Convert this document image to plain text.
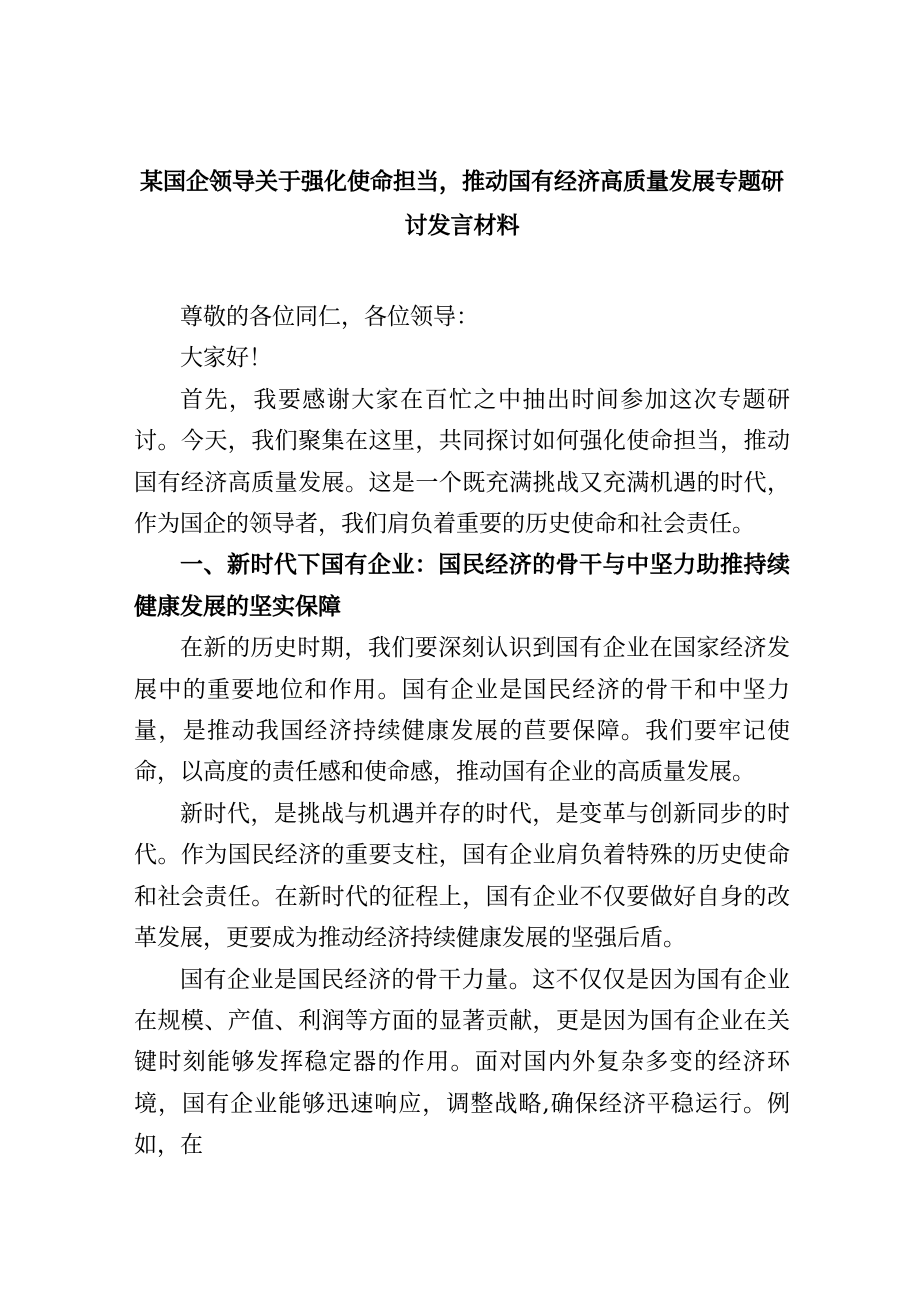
某国企领导关于强化使命担当，推动国有经济高质量发展专题研讨发言材料

尊敬的各位同仁，各位领导：

大家好！

首先，我要感谢大家在百忙之中抽出时间参加这次专题研讨。今天，我们聚集在这里，共同探讨如何强化使命担当，推动国有经济高质量发展。这是一个既充满挑战又充满机遇的时代，作为国企的领导者，我们肩负着重要的历史使命和社会责任。

一、新时代下国有企业：国民经济的骨干与中坚力助推持续健康发展的坚实保障

在新的历史时期，我们要深刻认识到国有企业在国家经济发展中的重要地位和作用。国有企业是国民经济的骨干和中坚力量，是推动我国经济持续健康发展的苣要保障。我们要牢记使命，以高度的责任感和使命感，推动国有企业的高质量发展。

新时代，是挑战与机遇并存的时代，是变革与创新同步的时代。作为国民经济的重要支柱，国有企业肩负着特殊的历史使命和社会责任。在新时代的征程上，国有企业不仅要做好自身的改革发展，更要成为推动经济持续健康发展的坚强后盾。

国有企业是国民经济的骨干力量。这不仅仅是因为国有企业在规模、产值、利润等方面的显著贡献，更是因为国有企业在关键时刻能够发挥稳定器的作用。面对国内外复杂多变的经济环境，国有企业能够迅速响应，调整战略,确保经济平稳运行。例如，在
